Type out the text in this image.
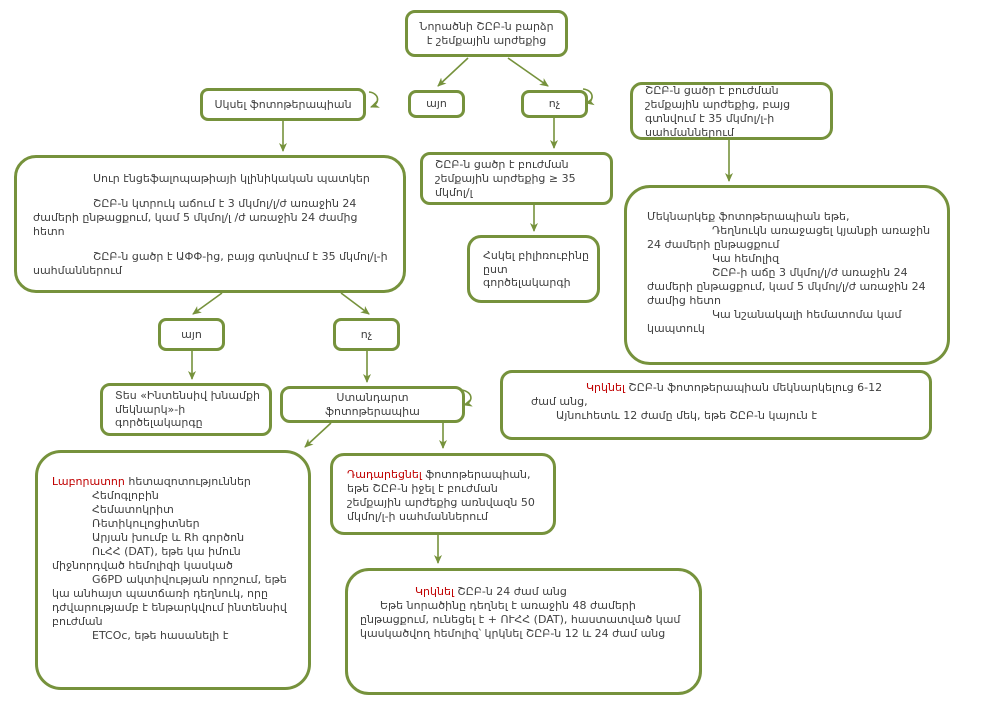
Նորածնի ՇԸԲ-ն բարձր է շեմքային արժեքից

Սկսել ֆոտոթերապիան	այո	ոչ

ՇԸԲ-ն ցածր է բուժման շեմքային արժեքից, բայց գտնվում է 35 մկմոլ/լ-ի սահմաններում

Սուր էնցեֆալոպաթիայի կլինիկական պատկեր

ՇԸԲ-ն կտրուկ աճում է 3 մկմոլ/լ/ժ առաջին 24 ժամերի ընթացքում, կամ 5 մկմոլ/լ /ժ առաջին 24 ժամից հետո

ՇԸԲ-ն ցածր է ԱՓՓ-ից, բայց գտնվում է 35 մկմոլ/լ-ի սահմաններում

ՇԸԲ-ն ցածր է բուժման շեմքային արժեքից ≥ 35 մկմոլ/լ

Հսկել բիլիռուբինը ըստ գործելակարգի

Մեկնարկեք ֆոտոթերապիան եթե,

Դեղնուկն առաջացել կյանքի առաջին 24 ժամերի ընթացքում

Կա հեմոլիզ

ՇԸԲ-ի աճը 3 մկմոլ/լ/ժ առաջին 24 ժամերի ընթացքում, կամ 5 մկմոլ/լ/ժ առաջին 24 ժամից հետո

Կա նշանակալի հեմատոմա կամ կապտուկ

այո	ոչ

Տես «Ինտենսիվ խնամքի մեկնարկ»-ի գործելակարգը

Ստանդարտ ֆոտոթերապիա

Կրկնել ՇԸԲ-ն ֆոտոթերապիան մեկնարկելուց 6-12 ժամ անց,

Այնուհետև 12 ժամը մեկ, եթե ՇԸԲ-ն կայուն է

Լաբորատոր հետազոտություններ

Հեմոգլոբին

Հեմատոկրիտ

Ռետիկուլոցիտներ

Արյան խումբ և Rh գործոն

ՈւՀՀ (DAT), եթե կա իմուն միջնորդված հեմոլիզի կասկած

G6PD ակտիվության որոշում, եթե կա անհայտ պատճառի դեղնուկ, որը դժվարությամբ է ենթարկվում ինտենսիվ բուժման

ETCOc, եթե հասանելի է

Դադարեցնել ֆոտոթերապիան, եթե ՇԸԲ-ն իջել է բուժման շեմքային արժեքից առնվազն 50 մկմոլ/լ-ի սահմաններում

Կրկնել ՇԸԲ-ն 24 ժամ անց

Եթե նորածինը դեղնել է առաջին 48 ժամերի ընթացքում, ունեցել է + ՈՒՀՀ (DAT), հաստատված կամ կասկածվող հեմոլիզ՝ կրկնել ՇԸԲ-ն 12 և 24 ժամ անց
